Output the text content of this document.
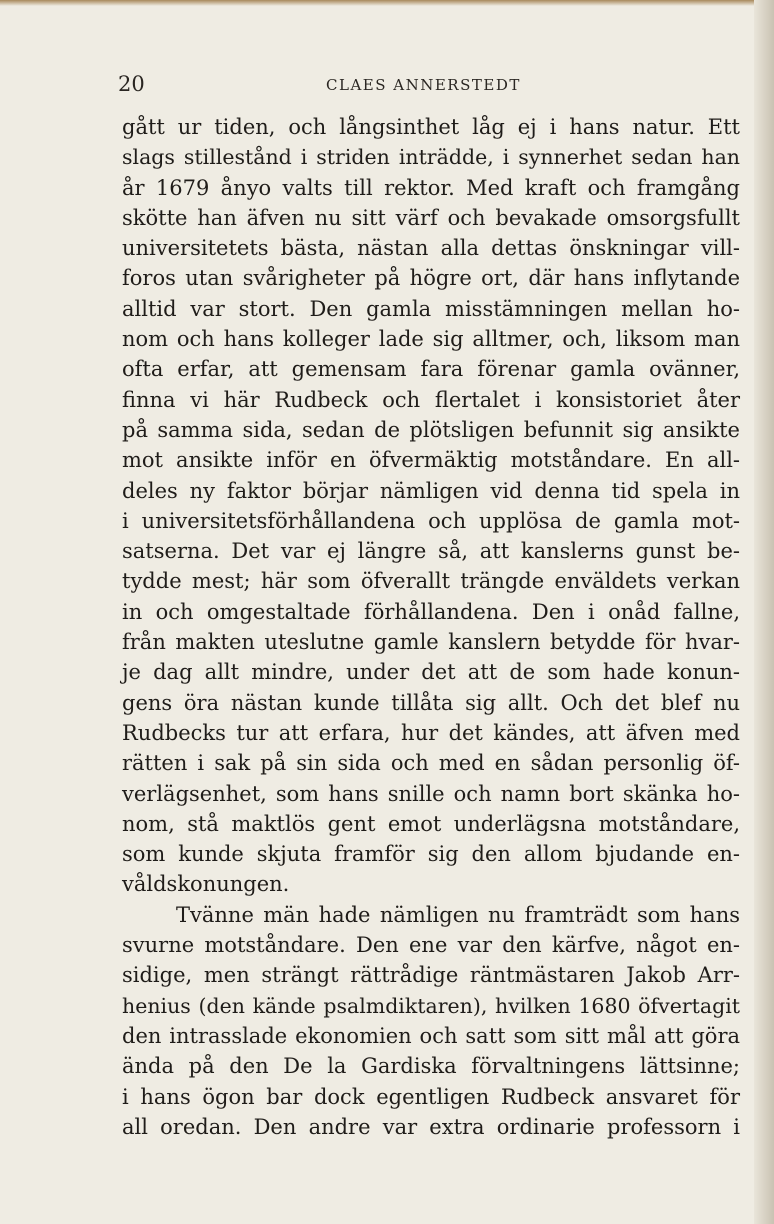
20	CLAES ANNERSTEDT
gått ur tiden, och långsinthet låg ej i hans natur. Ett
slags stillestånd i striden inträdde, i synnerhet sedan han
år 1679 ånyo valts till rektor. Med kraft och framgång
skötte han äfven nu sitt värf och bevakade omsorgsfullt
universitetets bästa, nästan alla dettas önskningar vill-
foros utan svårigheter på högre ort, där hans inflytande
alltid var stort. Den gamla misstämningen mellan ho-
nom och hans kolleger lade sig alltmer, och, liksom man
ofta erfar, att gemensam fara förenar gamla ovänner,
finna vi här Rudbeck och flertalet i konsistoriet åter
på samma sida, sedan de plötsligen befunnit sig ansikte
mot ansikte inför en öfvermäktig motståndare. En all-
deles ny faktor börjar nämligen vid denna tid spela in
i universitetsförhållandena och upplösa de gamla mot-
satserna. Det var ej längre så, att kanslerns gunst be-
tydde mest; här som öfverallt trängde enväldets verkan
in och omgestaltade förhållandena. Den i onåd fallne,
från makten uteslutne gamle kanslern betydde för hvar-
je dag allt mindre, under det att de som hade konun-
gens öra nästan kunde tillåta sig allt. Och det blef nu
Rudbecks tur att erfara, hur det kändes, att äfven med
rätten i sak på sin sida och med en sådan personlig öf-
verlägsenhet, som hans snille och namn bort skänka ho-
nom, stå maktlös gent emot underlägsna motståndare,
som kunde skjuta framför sig den allom bjudande en-
våldskonungen.
Tvänne män hade nämligen nu framträdt som hans
svurne motståndare. Den ene var den kärfve, något en-
sidige, men strängt rättrådige räntmästaren Jakob Arr-
henius (den kände psalmdiktaren), hvilken 1680 öfvertagit
den intrasslade ekonomien och satt som sitt mål att göra
ända på den De la Gardiska förvaltningens lättsinne;
i hans ögon bar dock egentligen Rudbeck ansvaret för
all oredan. Den andre var extra ordinarie professorn i
